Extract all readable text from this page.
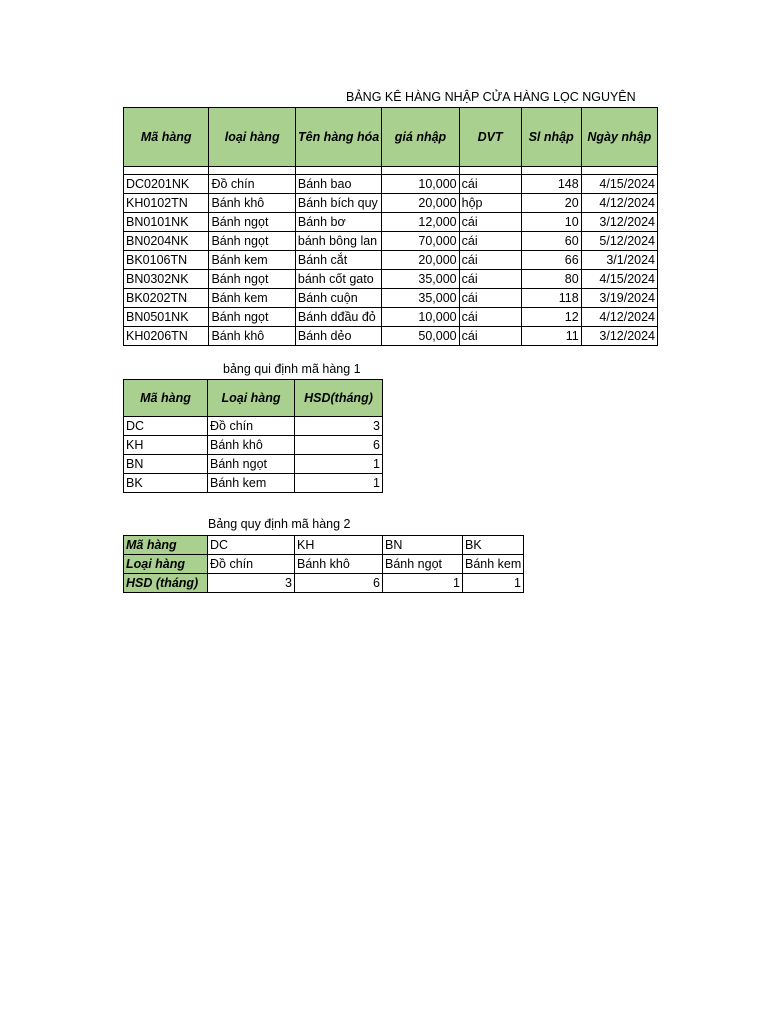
BẢNG KÊ HÀNG NHẬP CỬA HÀNG LỌC NGUYÊN
Mã hàng	loại hàng	Tên hàng hóa	giá nhập	DVT	Sl nhập	Ngày nhập

DC0201NK	Đồ chín	Bánh bao	10,000	cái	148	4/15/2024
KH0102TN	Bánh khô	Bánh bích quy	20,000	hộp	20	4/12/2024
BN0101NK	Bánh ngọt	Bánh bơ	12,000	cái	10	3/12/2024
BN0204NK	Bánh ngọt	bánh bông lan	70,000	cái	60	5/12/2024
BK0106TN	Bánh kem	Bánh cắt	20,000	cái	66	3/1/2024
BN0302NK	Bánh ngọt	bánh cốt gato	35,000	cái	80	4/15/2024
BK0202TN	Bánh kem	Bánh cuộn	35,000	cái	118	3/19/2024
BN0501NK	Bánh ngọt	Bánh dđầu đỏ	10,000	cái	12	4/12/2024
KH0206TN	Bánh khô	Bánh dẻo	50,000	cái	11	3/12/2024
bảng qui định mã hàng 1
Mã hàng	Loại hàng	HSD(tháng)
DC	Đồ chín	3
KH	Bánh khô	6
BN	Bánh ngọt	1
BK	Bánh kem	1
Bảng quy định mã hàng 2
Mã hàng	DC	KH	BN	BK
Loại hàng	Đồ chín	Bánh khô	Bánh ngọt	Bánh kem
HSD (tháng)	3	6	1	1
